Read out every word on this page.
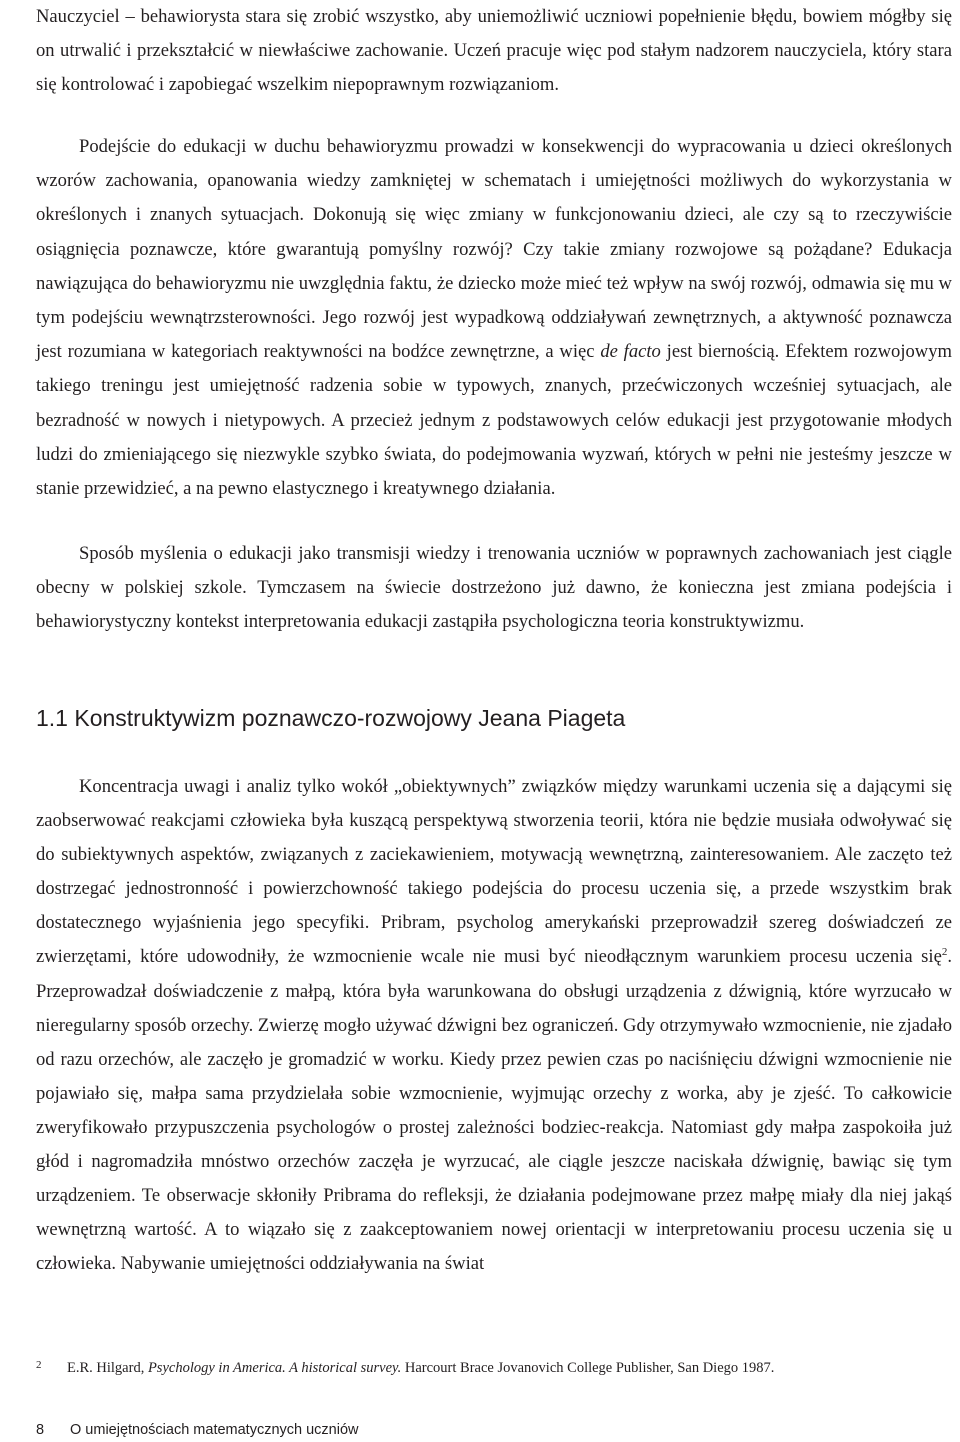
Nauczyciel – behawiorysta stara się zrobić wszystko, aby uniemożliwić uczniowi popełnienie błędu, bowiem mógłby się on utrwalić i przekształcić w niewłaściwe zachowanie. Uczeń pracuje więc pod stałym nadzorem nauczyciela, który stara się kontrolować i zapobiegać wszelkim niepoprawnym rozwiązaniom.

Podejście do edukacji w duchu behawioryzmu prowadzi w konsekwencji do wypracowania u dzieci określonych wzorów zachowania, opanowania wiedzy zamkniętej w schematach i umiejętności możliwych do wykorzystania w określonych i znanych sytuacjach. Dokonują się więc zmiany w funkcjonowaniu dzieci, ale czy są to rzeczywiście osiągnięcia poznawcze, które gwarantują pomyślny rozwój? Czy takie zmiany rozwojowe są pożądane? Edukacja nawiązująca do behawioryzmu nie uwzględnia faktu, że dziecko może mieć też wpływ na swój rozwój, odmawia się mu w tym podejściu wewnątrzsterowności. Jego rozwój jest wypadkową oddziaływań zewnętrznych, a aktywność poznawcza jest rozumiana w kategoriach reaktywności na bodźce zewnętrzne, a więc de facto jest biernością. Efektem rozwojowym takiego treningu jest umiejętność radzenia sobie w typowych, znanych, przećwiczonych wcześniej sytuacjach, ale bezradność w nowych i nietypowych. A przecież jednym z podstawowych celów edukacji jest przygotowanie młodych ludzi do zmieniającego się niezwykle szybko świata, do podejmowania wyzwań, których w pełni nie jesteśmy jeszcze w stanie przewidzieć, a na pewno elastycznego i kreatywnego działania.

Sposób myślenia o edukacji jako transmisji wiedzy i trenowania uczniów w poprawnych zachowaniach jest ciągle obecny w polskiej szkole. Tymczasem na świecie dostrzeżono już dawno, że konieczna jest zmiana podejścia i behawiorystyczny kontekst interpretowania edukacji zastąpiła psychologiczna teoria konstruktywizmu.

1.1 Konstruktywizm poznawczo-rozwojowy Jeana Piageta

Koncentracja uwagi i analiz tylko wokół „obiektywnych” związków między warunkami uczenia się a dającymi się zaobserwować reakcjami człowieka była kuszącą perspektywą stworzenia teorii, która nie będzie musiała odwoływać się do subiektywnych aspektów, związanych z zaciekawieniem, motywacją wewnętrzną, zainteresowaniem. Ale zaczęto też dostrzegać jednostronność i powierzchowność takiego podejścia do procesu uczenia się, a przede wszystkim brak dostatecznego wyjaśnienia jego specyfiki. Pribram, psycholog amerykański przeprowadził szereg doświadczeń ze zwierzętami, które udowodniły, że wzmocnienie wcale nie musi być nieodłącznym warunkiem procesu uczenia się$^2$. Przeprowadzał doświadczenie z małpą, która była warunkowana do obsługi urządzenia z dźwignią, które wyrzucało w nieregularny sposób orzechy. Zwierzę mogło używać dźwigni bez ograniczeń. Gdy otrzymywało wzmocnienie, nie zjadało od razu orzechów, ale zaczęło je gromadzić w worku. Kiedy przez pewien czas po naciśnięciu dźwigni wzmocnienie nie pojawiało się, małpa sama przydzielała sobie wzmocnienie, wyjmując orzechy z worka, aby je zjeść. To całkowicie zweryfikowało przypuszczenia psychologów o prostej zależności bodziec-reakcja. Natomiast gdy małpa zaspokoiła już głód i nagromadziła mnóstwo orzechów zaczęła je wyrzucać, ale ciągle jeszcze naciskała dźwignię, bawiąc się tym urządzeniem. Te obserwacje skłoniły Pribrama do refleksji, że działania podejmowane przez małpę miały dla niej jakąś wewnętrzną wartość. A to wiązało się z zaakceptowaniem nowej orientacji w interpretowaniu procesu uczenia się u człowieka. Nabywanie umiejętności oddziaływania na świat

2 E.R. Hilgard, Psychology in America. A historical survey. Harcourt Brace Jovanovich College Publisher, San Diego 1987.

8 O umiejętnościach matematycznych uczniów
